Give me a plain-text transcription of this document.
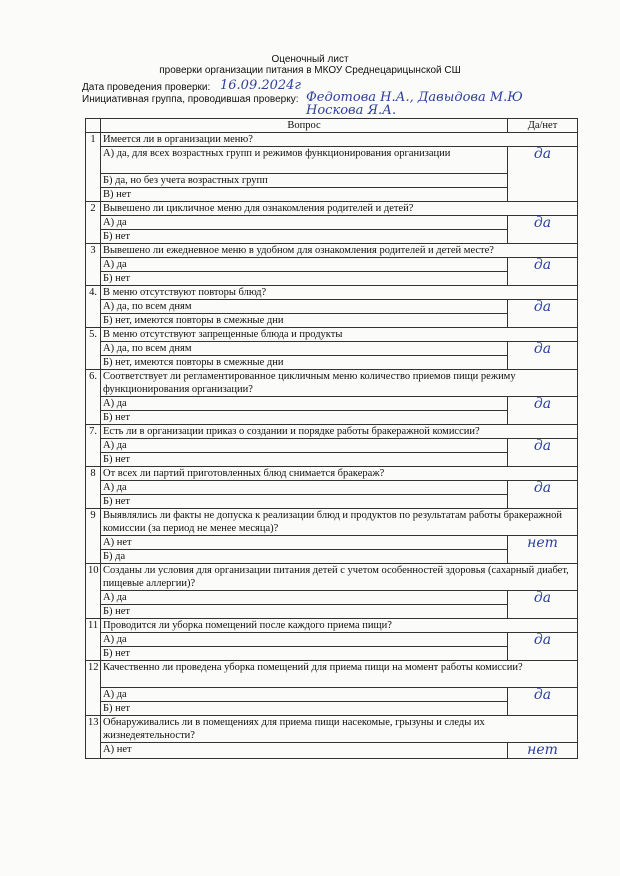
Оценочный лист
проверки организации питания в МКОУ Среднецарицынской СШ
Дата проведения проверки: 16.09.2024г
Инициативная группа, проводившая проверку: Федотова Н.А., Давыдова М.Ю
Носкова Я.А.
	Вопрос	Да/нет
1	Имеется ли в организации меню?	
	А) да, для всех возрастных групп и режимов функционирования организации	да
	Б) да, но без учета возрастных групп	
	В) нет	
2	Вывешено ли цикличное меню для ознакомления родителей и детей?	
	А) да	да
	Б) нет	
3	Вывешено ли ежедневное меню в удобном для ознакомления родителей и детей месте?	
	А) да	да
	Б) нет	
4.	В меню отсутствуют повторы блюд?	
	А) да, по всем дням	да
	Б) нет, имеются повторы в смежные дни	
5.	В меню отсутствуют запрещенные блюда и продукты	
	А) да, по всем дням	да
	Б) нет, имеются повторы в смежные дни	
6.	Соответствует ли регламентированное цикличным меню количество приемов пищи режиму функционирования организации?	
	А) да	да
	Б) нет	
7.	Есть ли в организации приказ о создании и порядке работы бракеражной комиссии?	
	А) да	да
	Б) нет	
8	От всех ли партий приготовленных блюд снимается бракераж?	
	А) да	да
	Б) нет	
9	Выявлялись ли факты не допуска к реализации блюд и продуктов по результатам работы бракеражной комиссии (за период не менее месяца)?	
	А) нет	нет
	Б) да	
10	Созданы ли условия для организации питания детей с учетом особенностей здоровья (сахарный диабет, пищевые аллергии)?	
	А) да	да
	Б) нет	
11	Проводится ли уборка помещений после каждого приема пищи?	
	А) да	да
	Б) нет	
12	Качественно ли проведена уборка помещений для приема пищи на момент работы комиссии?	
	А) да	да
	Б) нет	
13	Обнаруживались ли в помещениях для приема пищи насекомые, грызуны и следы их жизнедеятельности?	
	А) нет	нет
